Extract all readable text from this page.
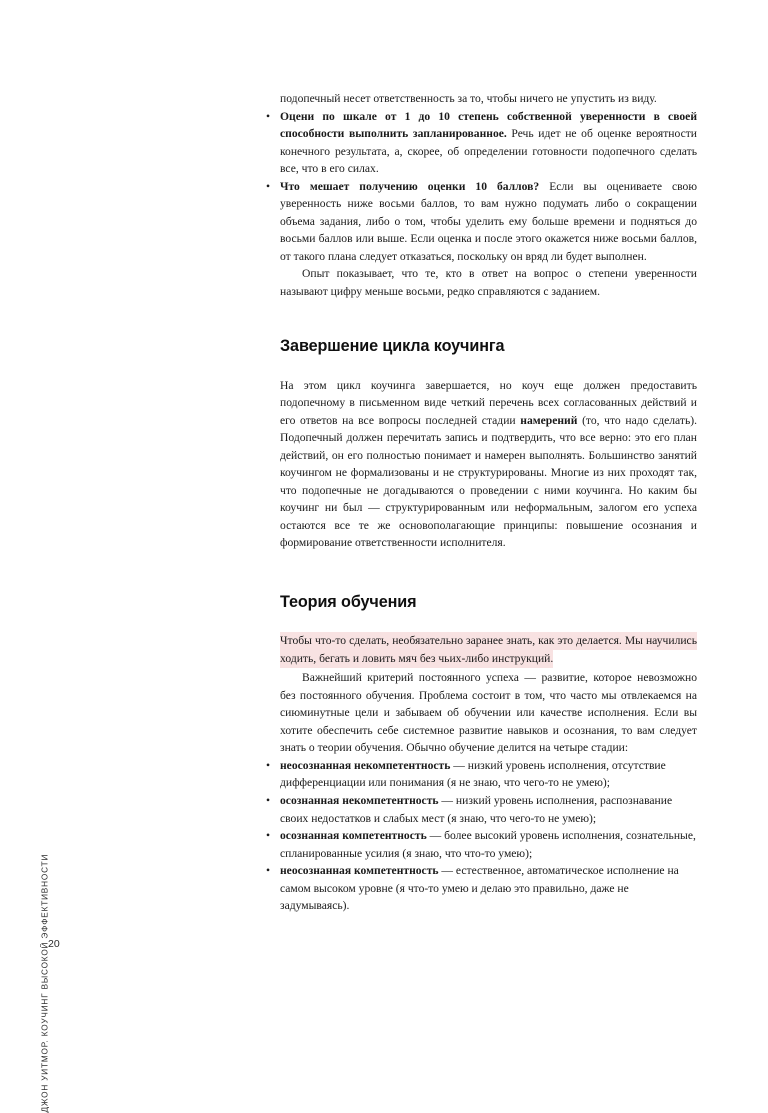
ДЖОН УИТМОР. КОУЧИНГ ВЫСОКОЙ ЭФФЕКТИВНОСТИ
20

подопечный несет ответственность за то, чтобы ничего не упустить из виду.

• Оцени по шкале от 1 до 10 степень собственной уверенности в своей способности выполнить запланированное. Речь идет не об оценке вероятности конечного результата, а, скорее, об определении готовности подопечного сделать все, что в его силах.
• Что мешает получению оценки 10 баллов? Если вы оцениваете свою уверенность ниже восьми баллов, то вам нужно подумать либо о сокращении объема задания, либо о том, чтобы уделить ему больше времени и подняться до восьми баллов или выше. Если оценка и после этого окажется ниже восьми баллов, от такого плана следует отказаться, поскольку он вряд ли будет выполнен.

Опыт показывает, что те, кто в ответ на вопрос о степени уверенности называют цифру меньше восьми, редко справляются с заданием.

Завершение цикла коучинга

На этом цикл коучинга завершается, но коуч еще должен предоставить подопечному в письменном виде четкий перечень всех согласованных действий и его ответов на все вопросы последней стадии намерений (то, что надо сделать). Подопечный должен перечитать запись и подтвердить, что все верно: это его план действий, он его полностью понимает и намерен выполнять. Большинство занятий коучингом не формализованы и не структурированы. Многие из них проходят так, что подопечные не догадываются о проведении с ними коучинга. Но каким бы коучинг ни был — структурированным или неформальным, залогом его успеха остаются все те же основополагающие принципы: повышение осознания и формирование ответственности исполнителя.

Теория обучения
Чтобы что-то сделать, необязательно заранее знать, как это делается. Мы научились ходить, бегать и ловить мяч без чьих-либо инструкций.

Важнейший критерий постоянного успеха — развитие, которое невозможно без постоянного обучения. Проблема состоит в том, что часто мы отвлекаемся на сиюминутные цели и забываем об обучении или качестве исполнения. Если вы хотите обеспечить себе системное развитие навыков и осознания, то вам следует знать о теории обучения. Обычно обучение делится на четыре стадии:

• неосознанная некомпетентность — низкий уровень исполнения, отсутствие дифференциации или понимания (я не знаю, что чего-то не умею);
• осознанная некомпетентность — низкий уровень исполнения, распознавание своих недостатков и слабых мест (я знаю, что чего-то не умею);
• осознанная компетентность — более высокий уровень исполнения, сознательные, спланированные усилия (я знаю, что что-то умею);
• неосознанная компетентность — естественное, автоматическое исполнение на самом высоком уровне (я что-то умею и делаю это правильно, даже не задумываясь).
